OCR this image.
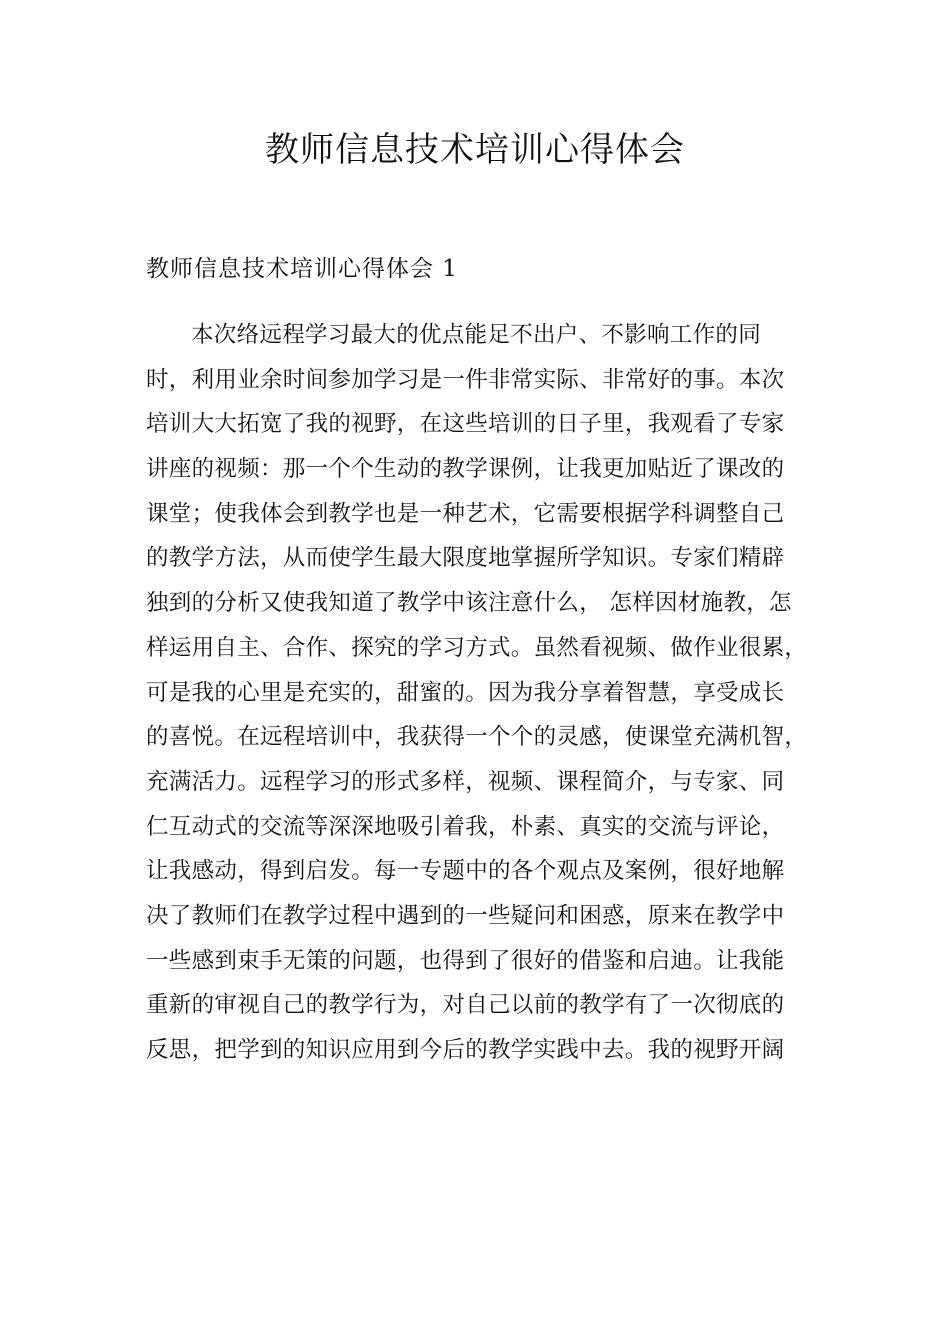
教师信息技术培训心得体会
教师信息技术培训心得体会 1
本次络远程学习最大的优点能足不出户、不影响工作的同
时，利用业余时间参加学习是一件非常实际、非常好的事。本次
培训大大拓宽了我的视野，在这些培训的日子里，我观看了专家
讲座的视频：那一个个生动的教学课例，让我更加贴近了课改的
课堂；使我体会到教学也是一种艺术，它需要根据学科调整自己
的教学方法，从而使学生最大限度地掌握所学知识。专家们精辟
独到的分析又使我知道了教学中该注意什么， 怎样因材施教，怎
样运用自主、合作、探究的学习方式。虽然看视频、做作业很累，
可是我的心里是充实的，甜蜜的。因为我分享着智慧，享受成长
的喜悦。在远程培训中，我获得一个个的灵感，使课堂充满机智，
充满活力。远程学习的形式多样，视频、课程简介，与专家、同
仁互动式的交流等深深地吸引着我，朴素、真实的交流与评论，
让我感动，得到启发。每一专题中的各个观点及案例，很好地解
决了教师们在教学过程中遇到的一些疑问和困惑，原来在教学中
一些感到束手无策的问题，也得到了很好的借鉴和启迪。让我能
重新的审视自己的教学行为，对自己以前的教学有了一次彻底的
反思，把学到的知识应用到今后的教学实践中去。我的视野开阔
